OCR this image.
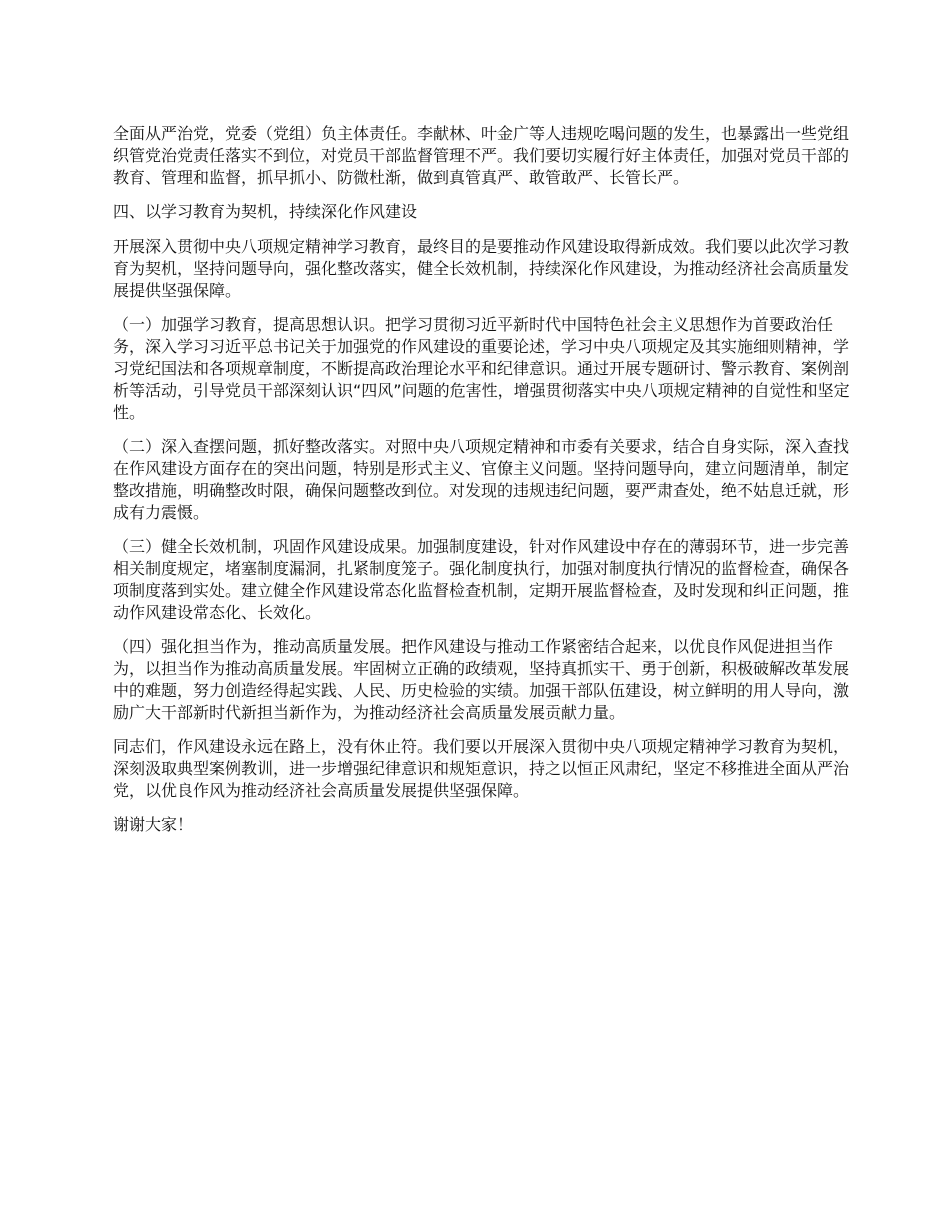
全面从严治党，党委（党组）负主体责任。李献林、叶金广等人违规吃喝问题的发生，也暴露出一些党组织管党治党责任落实不到位，对党员干部监督管理不严。我们要切实履行好主体责任，加强对党员干部的教育、管理和监督，抓早抓小、防微杜渐，做到真管真严、敢管敢严、长管长严。

四、以学习教育为契机，持续深化作风建设

开展深入贯彻中央八项规定精神学习教育，最终目的是要推动作风建设取得新成效。我们要以此次学习教育为契机，坚持问题导向，强化整改落实，健全长效机制，持续深化作风建设，为推动经济社会高质量发展提供坚强保障。

（一）加强学习教育，提高思想认识。把学习贯彻习近平新时代中国特色社会主义思想作为首要政治任务，深入学习习近平总书记关于加强党的作风建设的重要论述，学习中央八项规定及其实施细则精神，学习党纪国法和各项规章制度，不断提高政治理论水平和纪律意识。通过开展专题研讨、警示教育、案例剖析等活动，引导党员干部深刻认识“四风”问题的危害性，增强贯彻落实中央八项规定精神的自觉性和坚定性。

（二）深入查摆问题，抓好整改落实。对照中央八项规定精神和市委有关要求，结合自身实际，深入查找在作风建设方面存在的突出问题，特别是形式主义、官僚主义问题。坚持问题导向，建立问题清单，制定整改措施，明确整改时限，确保问题整改到位。对发现的违规违纪问题，要严肃查处，绝不姑息迁就，形成有力震慑。

（三）健全长效机制，巩固作风建设成果。加强制度建设，针对作风建设中存在的薄弱环节，进一步完善相关制度规定，堵塞制度漏洞，扎紧制度笼子。强化制度执行，加强对制度执行情况的监督检查，确保各项制度落到实处。建立健全作风建设常态化监督检查机制，定期开展监督检查，及时发现和纠正问题，推动作风建设常态化、长效化。

（四）强化担当作为，推动高质量发展。把作风建设与推动工作紧密结合起来，以优良作风促进担当作为，以担当作为推动高质量发展。牢固树立正确的政绩观，坚持真抓实干、勇于创新，积极破解改革发展中的难题，努力创造经得起实践、人民、历史检验的实绩。加强干部队伍建设，树立鲜明的用人导向，激励广大干部新时代新担当新作为，为推动经济社会高质量发展贡献力量。

同志们，作风建设永远在路上，没有休止符。我们要以开展深入贯彻中央八项规定精神学习教育为契机，深刻汲取典型案例教训，进一步增强纪律意识和规矩意识，持之以恒正风肃纪，坚定不移推进全面从严治党，以优良作风为推动经济社会高质量发展提供坚强保障。

谢谢大家！
